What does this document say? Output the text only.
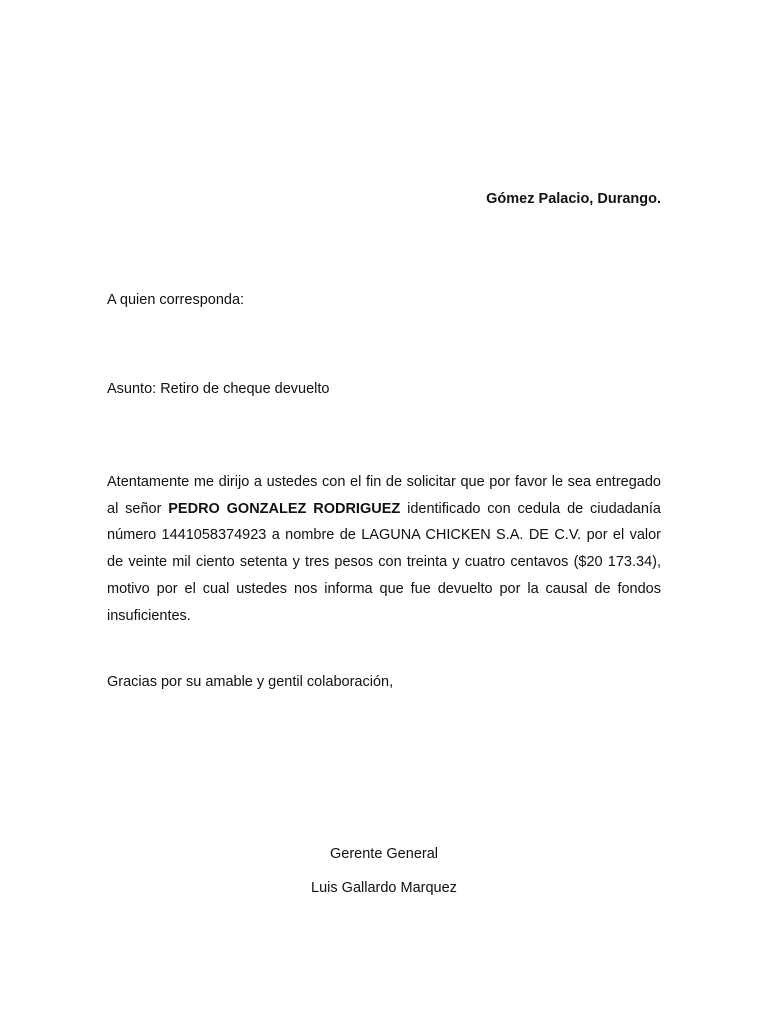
Gómez Palacio, Durango.
A quien corresponda:
Asunto: Retiro de cheque devuelto
Atentamente me dirijo a ustedes con el fin de solicitar que por favor le sea entregado al señor PEDRO GONZALEZ RODRIGUEZ identificado con cedula de ciudadanía número 1441058374923 a nombre de LAGUNA CHICKEN S.A. DE C.V. por el valor de veinte mil ciento setenta y tres pesos con treinta y cuatro centavos ($20 173.34), motivo por el cual ustedes nos informa que fue devuelto por la causal de fondos insuficientes.
Gracias por su amable y gentil colaboración,
Gerente General
Luis Gallardo Marquez
